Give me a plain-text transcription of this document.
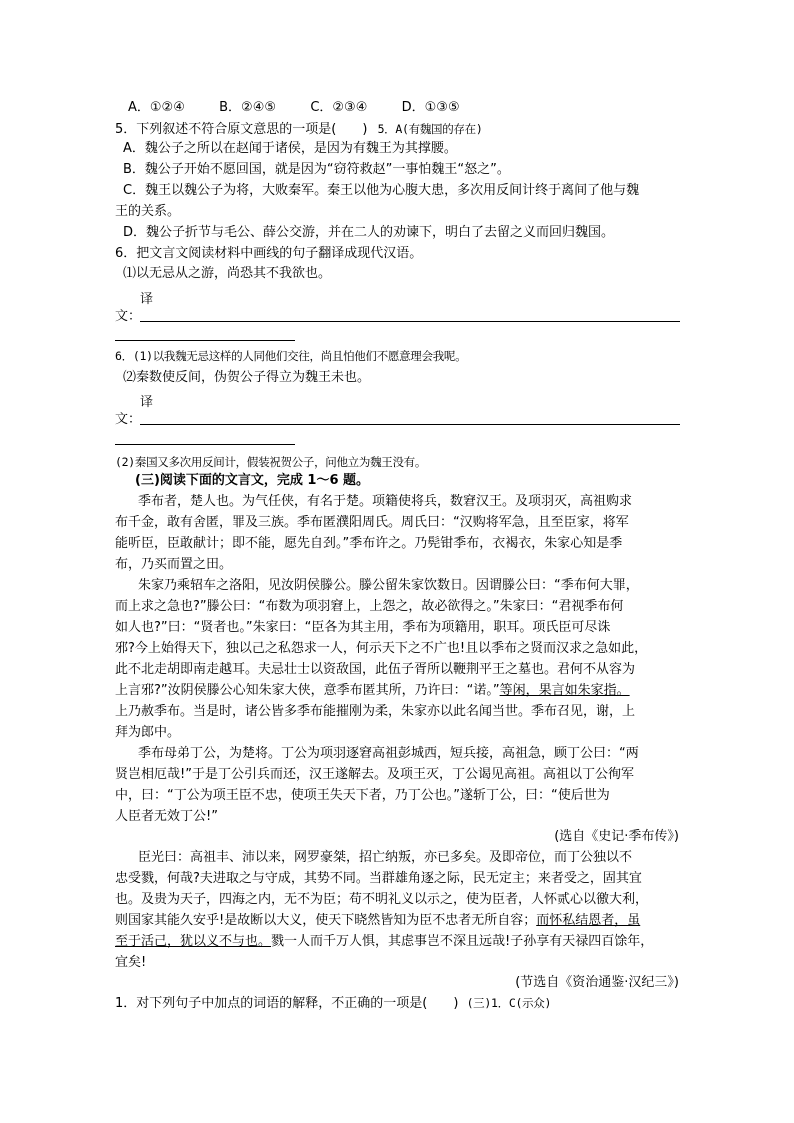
A．①②④	B．②④⑤	C．②③④	D．①③⑤
5．下列叙述不符合原文意思的一项是(　　) 5．A(有魏国的存在)
A．魏公子之所以在赵闻于诸侯，是因为有魏王为其撑腰。
B．魏公子开始不愿回国，就是因为“窃符救赵”一事怕魏王“怒之”。
C．魏王以魏公子为将，大败秦军。秦王以他为心腹大患，多次用反间计终于离间了他与魏
王的关系。
D．魏公子折节与毛公、薛公交游，并在二人的劝谏下，明白了去留之义而回归魏国。
6．把文言文阅读材料中画线的句子翻译成现代汉语。
⑴以无忌从之游，尚恐其不我欲也。
译
文：
6．(1)以我魏无忌这样的人同他们交往，尚且怕他们不愿意理会我呢。
⑵秦数使反间，伪贺公子得立为魏王未也。
译
文：
(2)秦国又多次用反间计，假装祝贺公子，问他立为魏王没有。
(三)阅读下面的文言文，完成 1～6 题。
季布者，楚人也。为气任侠，有名于楚。项籍使将兵，数窘汉王。及项羽灭，高祖购求
布千金，敢有舍匿，罪及三族。季布匿濮阳周氏。周氏曰：“汉购将军急，且至臣家，将军
能听臣，臣敢献计；即不能，愿先自刭。”季布许之。乃髡钳季布，衣褐衣，朱家心知是季
布，乃买而置之田。
朱家乃乘轺车之洛阳，见汝阴侯滕公。滕公留朱家饮数日。因谓滕公曰：“季布何大罪，
而上求之急也?”滕公曰：“布数为项羽窘上，上怨之，故必欲得之。”朱家曰：“君视季布何
如人也?”曰：“贤者也。”朱家曰：“臣各为其主用，季布为项籍用，职耳。项氏臣可尽诛
邪?今上始得天下，独以己之私怨求一人，何示天下之不广也!且以季布之贤而汉求之急如此，
此不北走胡即南走越耳。夫忌壮士以资敌国，此伍子胥所以鞭荆平王之墓也。君何不从容为
上言邪?”汝阴侯滕公心知朱家大侠，意季布匿其所，乃许曰：“诺。”等闲，果言如朱家指。
上乃赦季布。当是时，诸公皆多季布能摧刚为柔，朱家亦以此名闻当世。季布召见，谢，上
拜为郎中。
季布母弟丁公，为楚将。丁公为项羽逐窘高祖彭城西，短兵接，高祖急，顾丁公曰：“两
贤岂相厄哉!”于是丁公引兵而还，汉王遂解去。及项王灭，丁公谒见高祖。高祖以丁公徇军
中，曰：“丁公为项王臣不忠，使项王失天下者，乃丁公也。”遂斩丁公，曰：“使后世为
人臣者无效丁公!”
(选自《史记·季布传》)
臣光曰：高祖丰、沛以来，网罗豪桀，招亡纳叛，亦已多矣。及即帝位，而丁公独以不
忠受戮，何哉?夫进取之与守成，其势不同。当群雄角逐之际，民无定主；来者受之，固其宜
也。及贵为天子，四海之内，无不为臣；苟不明礼义以示之，使为臣者，人怀贰心以徼大利，
则国家其能久安乎!是故断以大义，使天下晓然皆知为臣不忠者无所自容；而怀私结恩者，虽
至于活己，犹以义不与也。戮一人而千万人惧，其虑事岂不深且远哉!子孙享有天禄四百馀年，
宜矣!
(节选自《资治通鉴·汉纪三》)
1．对下列句子中加点的词语的解释，不正确的一项是(　　) (三)1．C(示众)
